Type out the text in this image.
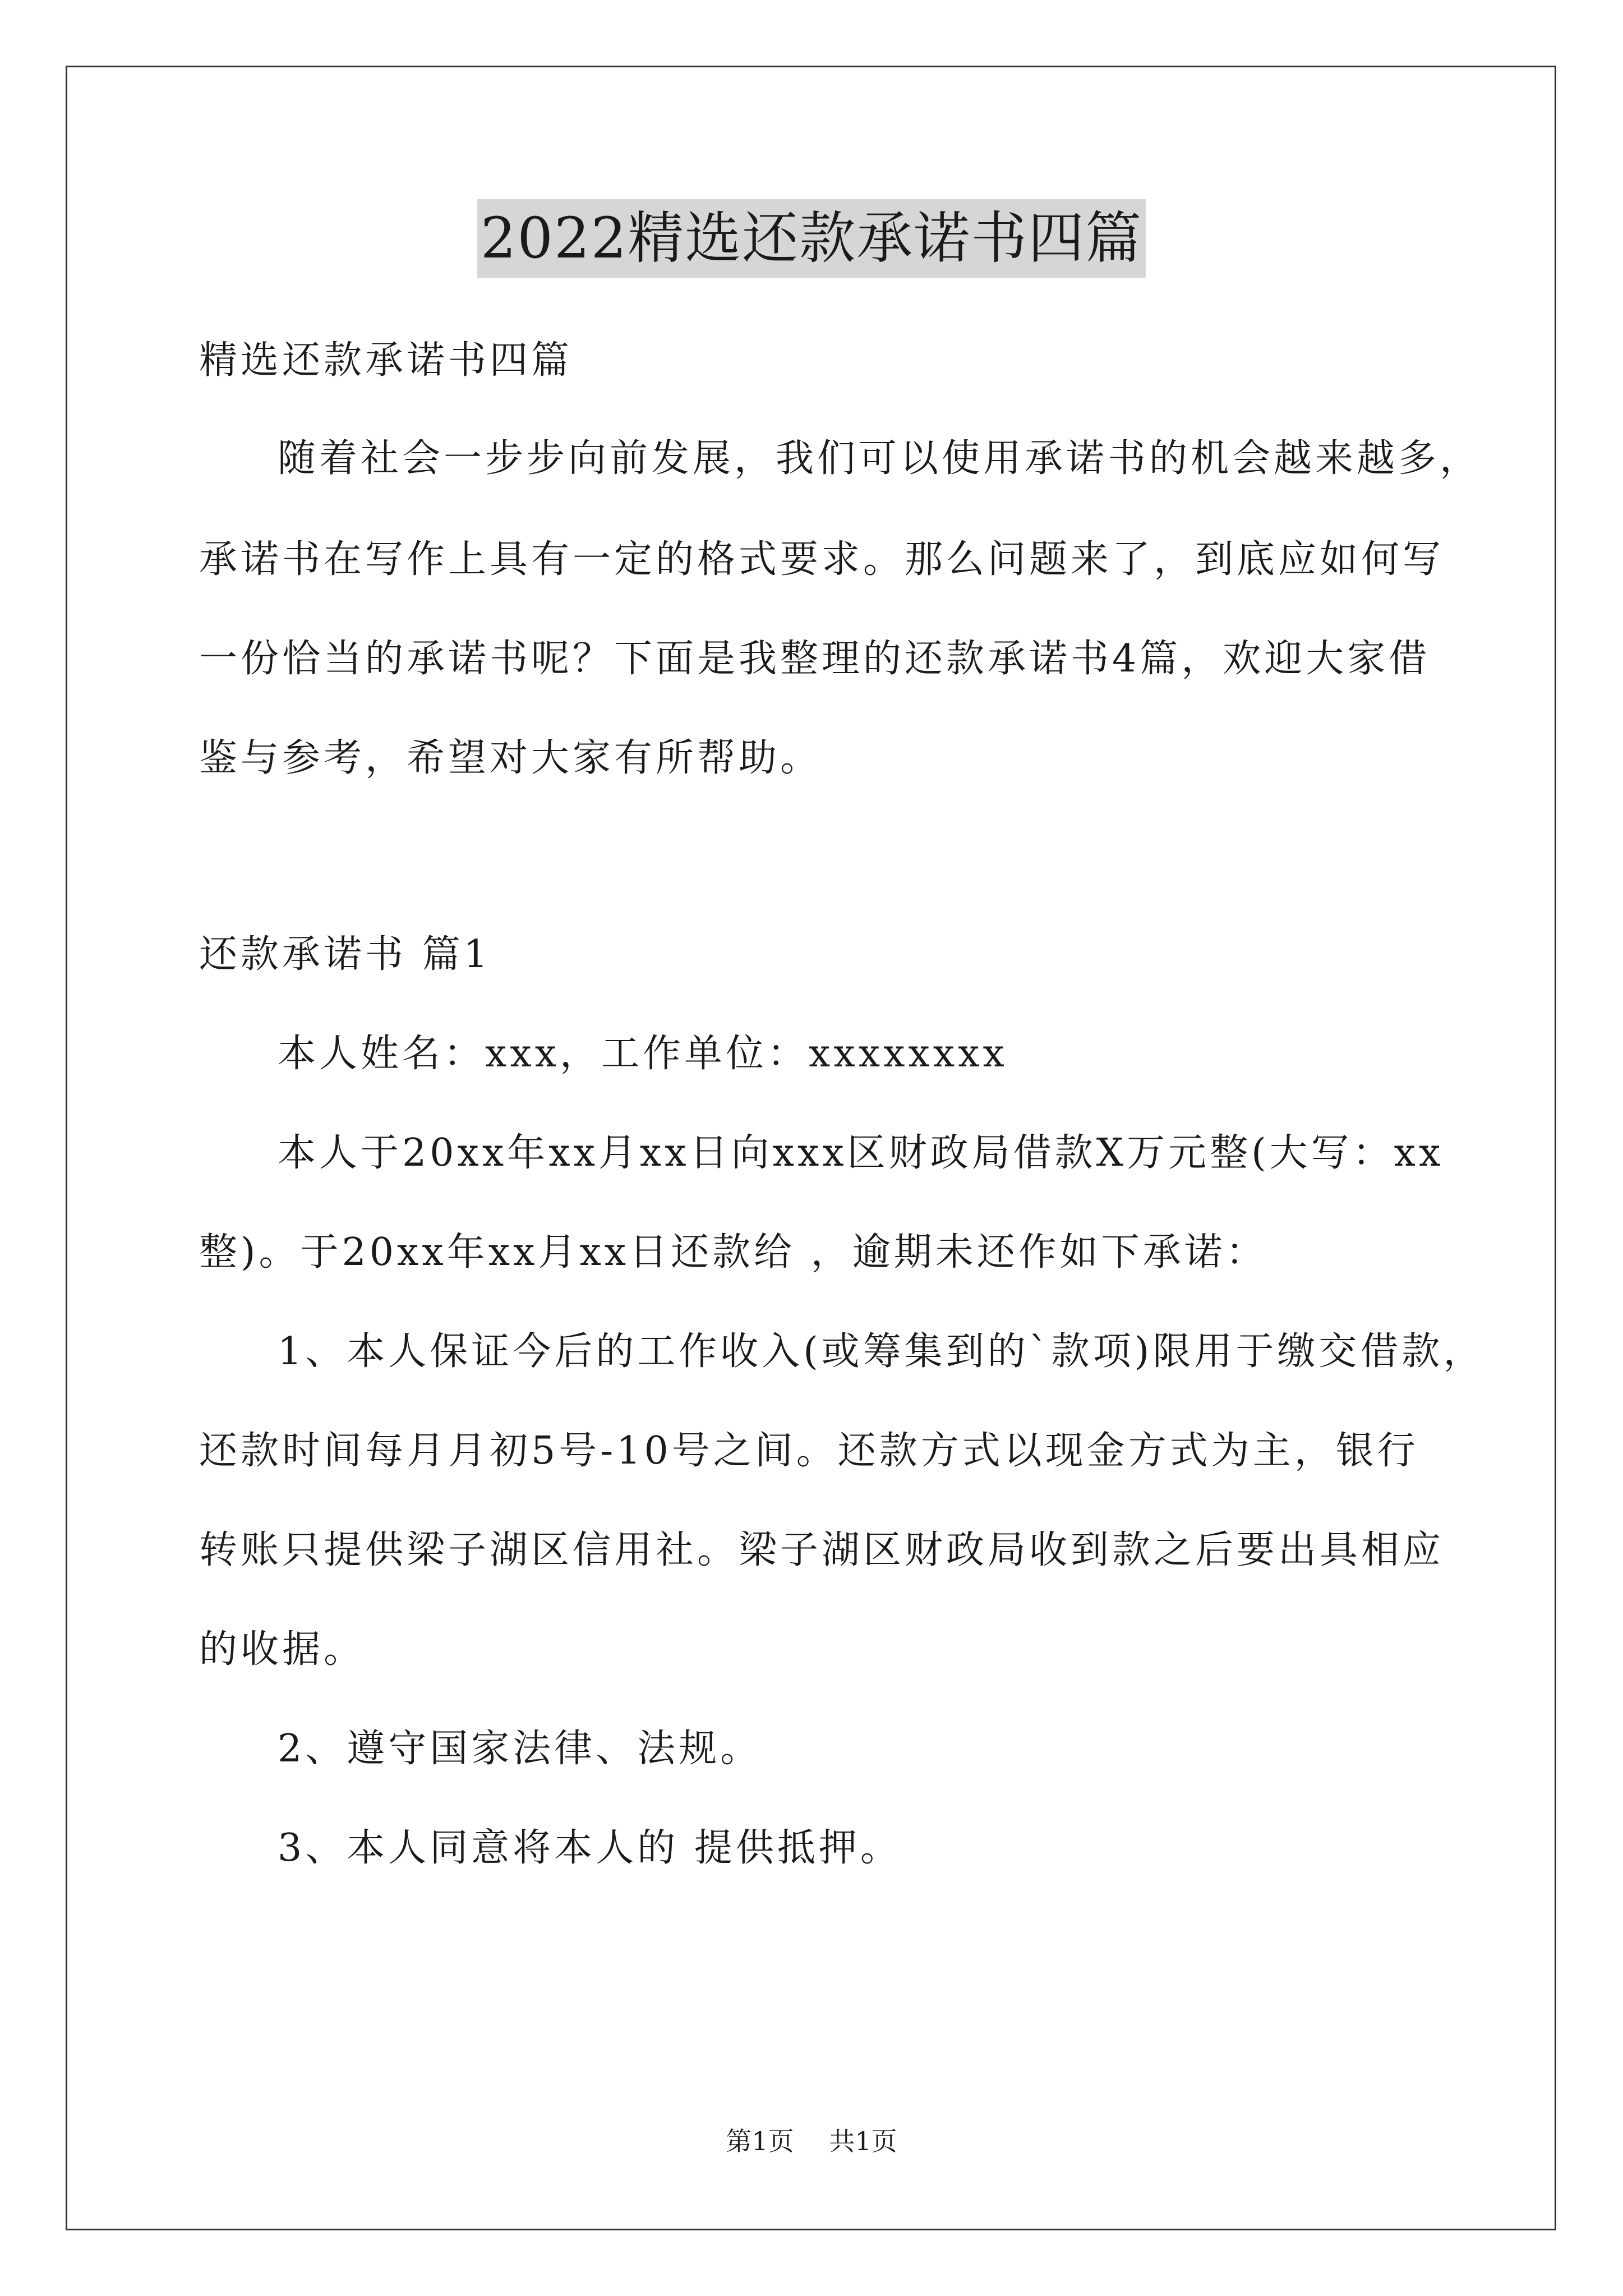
2022精选还款承诺书四篇
精选还款承诺书四篇
随着社会一步步向前发展，我们可以使用承诺书的机会越来越多，
承诺书在写作上具有一定的格式要求。那么问题来了，到底应如何写
一份恰当的承诺书呢？下面是我整理的还款承诺书4篇，欢迎大家借
鉴与参考，希望对大家有所帮助。
还款承诺书 篇1
本人姓名：xxx，工作单位：xxxxxxxx
本人于20xx年xx月xx日向xxx区财政局借款X万元整(大写：xx
整)。于20xx年xx月xx日还款给 ，逾期未还作如下承诺：
1、本人保证今后的工作收入(或筹集到的`款项)限用于缴交借款，
还款时间每月月初5号-10号之间。还款方式以现金方式为主，银行
转账只提供梁子湖区信用社。梁子湖区财政局收到款之后要出具相应
的收据。
2、遵守国家法律、法规。
3、本人同意将本人的 提供抵押。
第1页 共1页
